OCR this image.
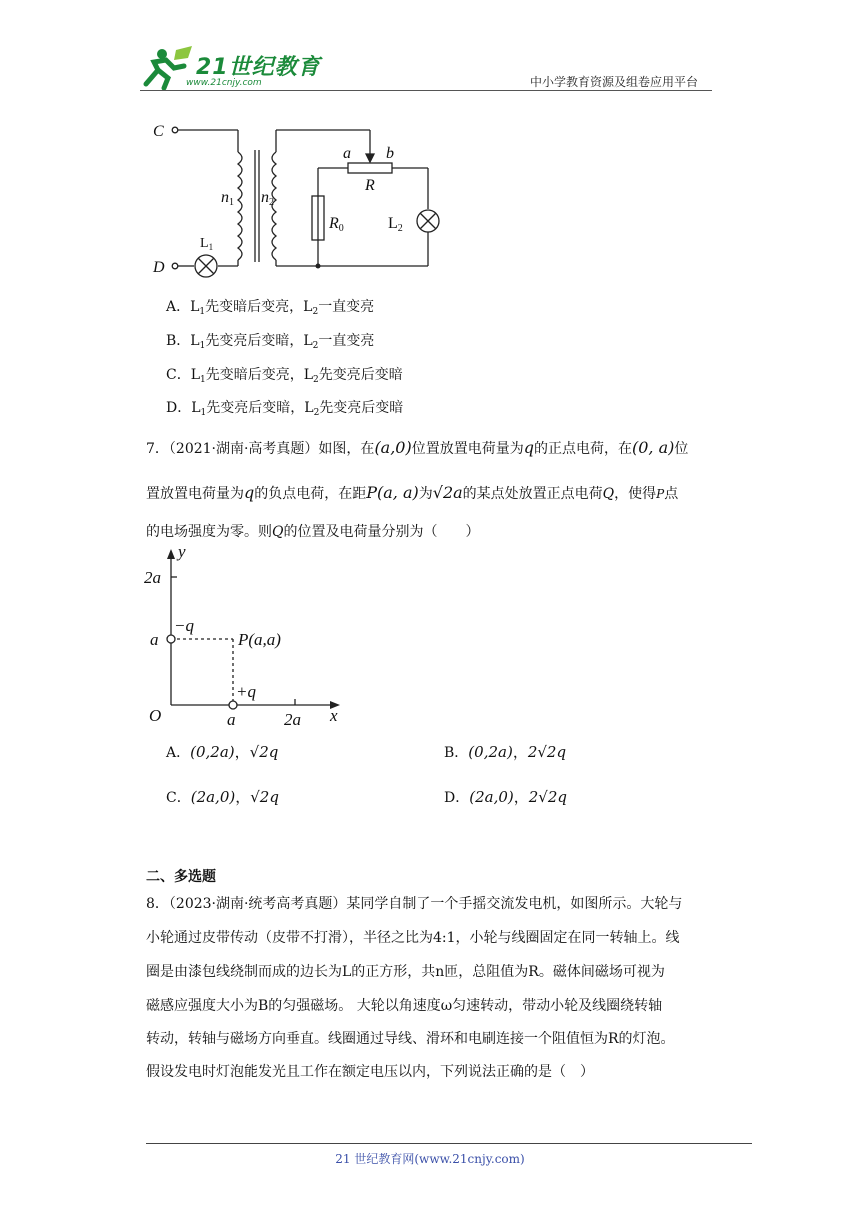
21世纪教育
www.21cnjy.com	中小学教育资源及组卷应用平台
C
D
n1 n2
a b
R
R0	L2
$L_1$
A．$L_1$先变暗后变亮，$L_2$一直变亮
B．$L_1$先变亮后变暗，$L_2$一直变亮
C．$L_1$先变暗后变亮，$L_2$先变亮后变暗
D．$L_1$先变亮后变暗，$L_2$先变亮后变暗
7．（2021·湖南·高考真题）如图，在(a,0)位置放置电荷量为q的正点电荷，在(0, a)位
置放置电荷量为q的负点电荷，在距P(a, a)为√2a的某点处放置正点电荷Q，使得P点
的电场强度为零。则Q的位置及电荷量分别为（　　）
y
x
O
a
2a
a	2a
−q
+q
P(a,a)
A．(0,2a)，√2q	B．(0,2a)，2√2q
C．(2a,0)，√2q	D．(2a,0)，2√2q
二、多选题
8．（2023·湖南·统考高考真题）某同学自制了一个手摇交流发电机，如图所示。大轮与
小轮通过皮带传动（皮带不打滑），半径之比为4:1，小轮与线圈固定在同一转轴上。线
圈是由漆包线绕制而成的边长为L的正方形，共n匝，总阻值为R。磁体间磁场可视为
磁感应强度大小为B的匀强磁场。 大轮以角速度ω匀速转动，带动小轮及线圈绕转轴
转动，转轴与磁场方向垂直。线圈通过导线、滑环和电刷连接一个阻值恒为R的灯泡。
假设发电时灯泡能发光且工作在额定电压以内，下列说法正确的是（　）
21 世纪教育网(www.21cnjy.com)
